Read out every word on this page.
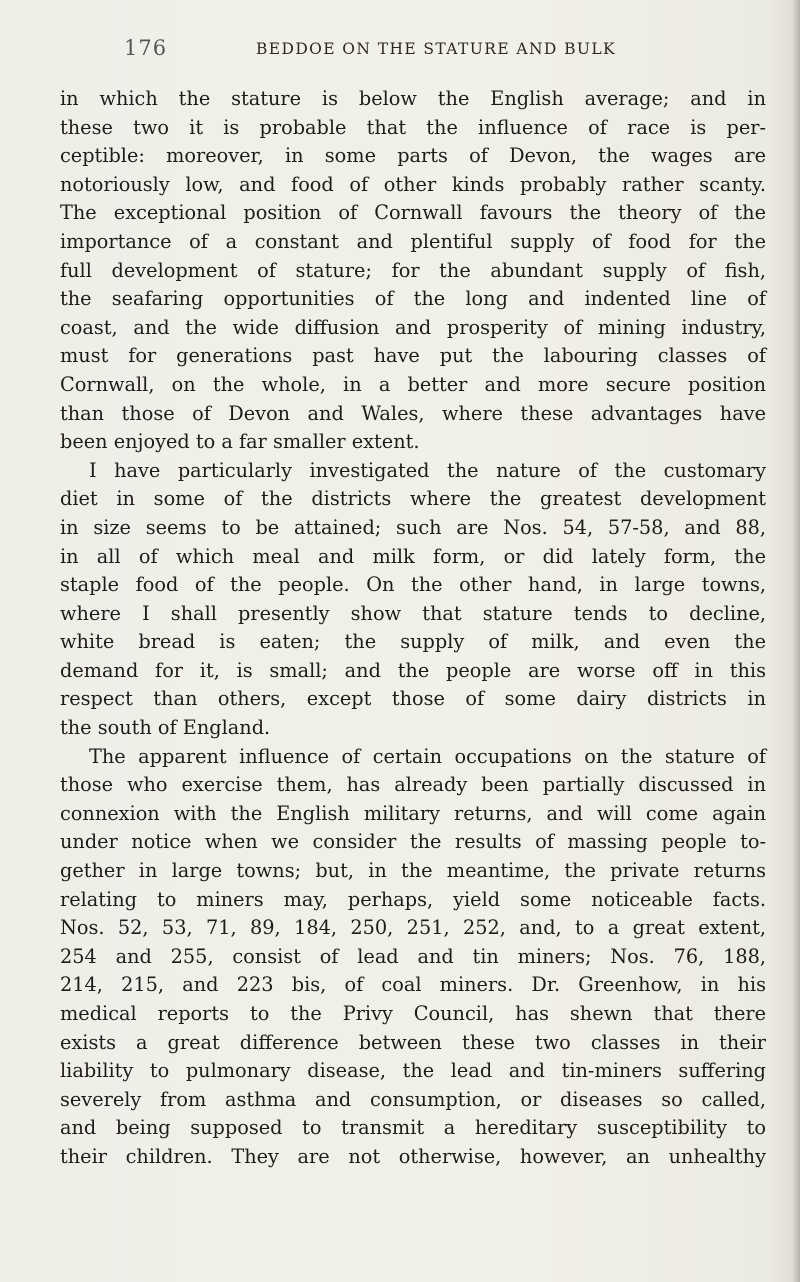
176	BEDDOE ON THE STATURE AND BULK
in which the stature is below the English average; and in
these two it is probable that the influence of race is per-
ceptible: moreover, in some parts of Devon, the wages are
notoriously low, and food of other kinds probably rather scanty.
The exceptional position of Cornwall favours the theory of the
importance of a constant and plentiful supply of food for the
full development of stature; for the abundant supply of fish,
the seafaring opportunities of the long and indented line of
coast, and the wide diffusion and prosperity of mining industry,
must for generations past have put the labouring classes of
Cornwall, on the whole, in a better and more secure position
than those of Devon and Wales, where these advantages have
been enjoyed to a far smaller extent.
I have particularly investigated the nature of the customary
diet in some of the districts where the greatest development
in size seems to be attained; such are Nos. 54, 57-58, and 88,
in all of which meal and milk form, or did lately form, the
staple food of the people. On the other hand, in large towns,
where I shall presently show that stature tends to decline,
white bread is eaten; the supply of milk, and even the
demand for it, is small; and the people are worse off in this
respect than others, except those of some dairy districts in
the south of England.
The apparent influence of certain occupations on the stature of
those who exercise them, has already been partially discussed in
connexion with the English military returns, and will come again
under notice when we consider the results of massing people to-
gether in large towns; but, in the meantime, the private returns
relating to miners may, perhaps, yield some noticeable facts.
Nos. 52, 53, 71, 89, 184, 250, 251, 252, and, to a great extent,
254 and 255, consist of lead and tin miners; Nos. 76, 188,
214, 215, and 223 bis, of coal miners. Dr. Greenhow, in his
medical reports to the Privy Council, has shewn that there
exists a great difference between these two classes in their
liability to pulmonary disease, the lead and tin-miners suffering
severely from asthma and consumption, or diseases so called,
and being supposed to transmit a hereditary susceptibility to
their children. They are not otherwise, however, an unhealthy
